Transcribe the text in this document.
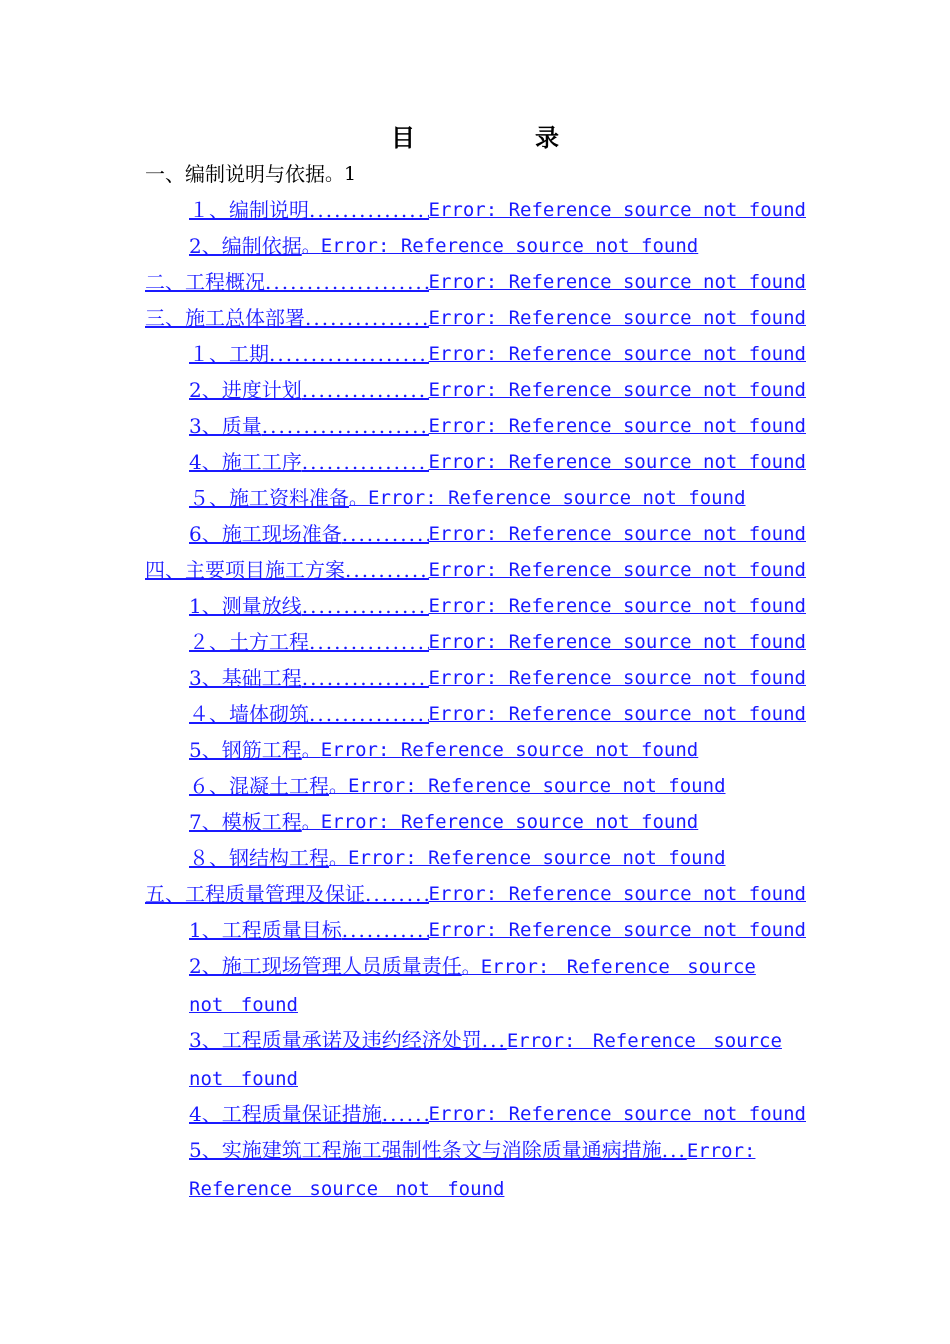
目　录
一、编制说明与依据	。 1
１、编制说明 .....	Error: Reference source not found
2、编制依据	。 Error: Reference source not found
二、工程概况 .....	Error: Reference source not found
三、施工总体部署 .....	Error: Reference source not found
１、工期 .....	Error: Reference source not found
2、进度计划 .....	Error: Reference source not found
3、质量 .....	Error: Reference source not found
4、施工工序 .....	Error: Reference source not found
５、施工资料准备	。 Error: Reference source not found
6、施工现场准备 .....	Error: Reference source not found
四、主要项目施工方案 .....	Error: Reference source not found
1、测量放线 .....	Error: Reference source not found
２、土方工程 .....	Error: Reference source not found
3、基础工程 .....	Error: Reference source not found
４、墙体砌筑 .....	Error: Reference source not found
5、钢筋工程	。 Error: Reference source not found
６、混凝土工程	。 Error: Reference source not found
7、模板工程	。 Error: Reference source not found
８、钢结构工程	。 Error: Reference source not found
五、工程质量管理及保证 .....	Error: Reference source not found
1、工程质量目标 .....	Error: Reference source not found
2、施工现场管理人员质量责任。Error: Reference source not found
3、工程质量承诺及违约经济处罚 ... Error: Reference source not found
4、工程质量保证措施 ..... Error: Reference source not found
5、实施建筑工程施工强制性条文与消除质量通病措施 ... Error: Reference source not found
